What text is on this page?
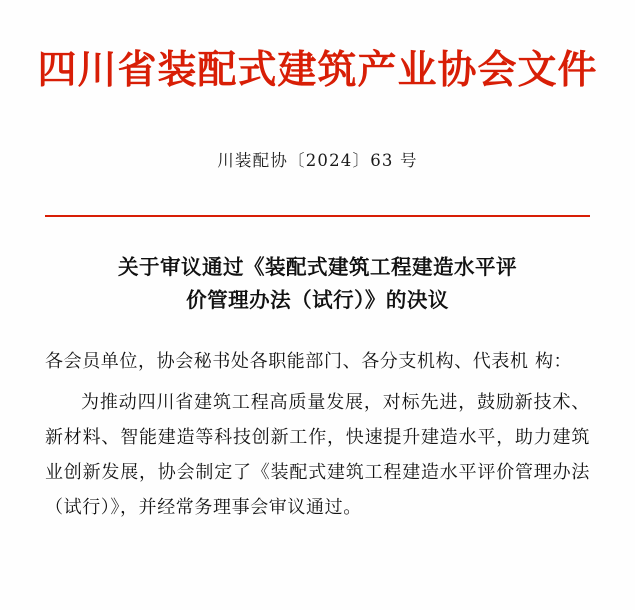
四川省装配式建筑产业协会文件
川装配协〔2024〕63 号
关于审议通过《装配式建筑工程建造水平评
价管理办法（试行）》的决议
各会员单位，协会秘书处各职能部门、各分支机构、代表机 构：

为推动四川省建筑工程高质量发展，对标先进，鼓励新技术、新材料、智能建造等科技创新工作，快速提升建造水平，助力建筑业创新发展，协会制定了《装配式建筑工程建造水平评价管理办法（试行）》，并经常务理事会审议通过。
